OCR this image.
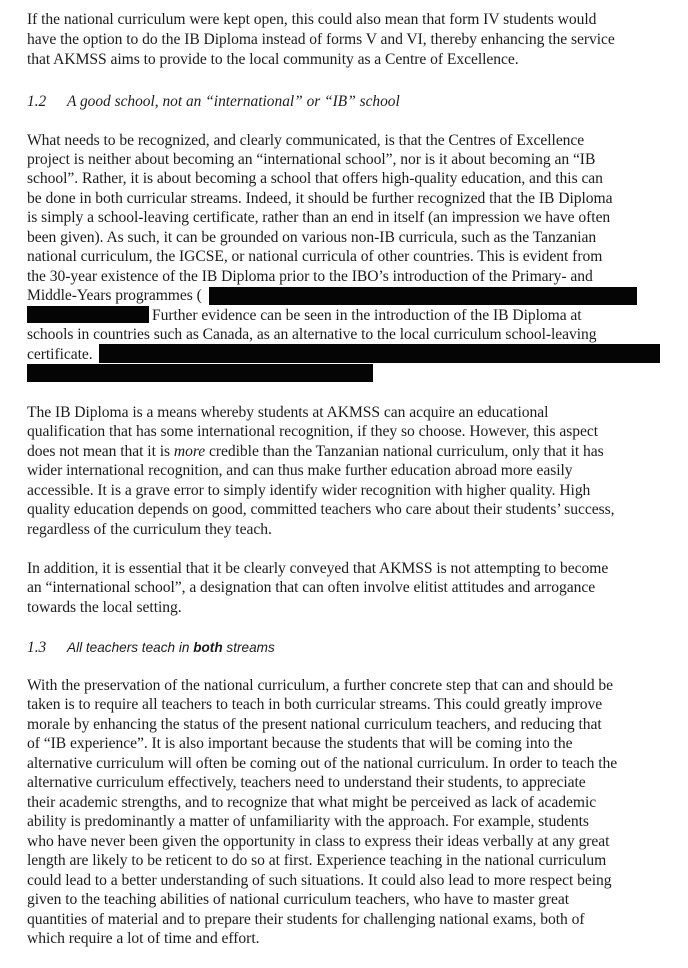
If the national curriculum were kept open, this could also mean that form IV students would
have the option to do the IB Diploma instead of forms V and VI, thereby enhancing the service
that AKMSS aims to provide to the local community as a Centre of Excellence.
1.2 A good school, not an “international” or “IB” school
What needs to be recognized, and clearly communicated, is that the Centres of Excellence
project is neither about becoming an “international school”, nor is it about becoming an “IB
school”. Rather, it is about becoming a school that offers high-quality education, and this can
be done in both curricular streams. Indeed, it should be further recognized that the IB Diploma
is simply a school-leaving certificate, rather than an end in itself (an impression we have often
been given). As such, it can be grounded on various non-IB curricula, such as the Tanzanian
national curriculum, the IGCSE, or national curricula of other countries. This is evident from
the 30-year existence of the IB Diploma prior to the IBO’s introduction of the Primary- and
Middle-Years programmes (
Further evidence can be seen in the introduction of the IB Diploma at
schools in countries such as Canada, as an alternative to the local curriculum school-leaving
certificate.
The IB Diploma is a means whereby students at AKMSS can acquire an educational
qualification that has some international recognition, if they so choose. However, this aspect
does not mean that it is more credible than the Tanzanian national curriculum, only that it has
wider international recognition, and can thus make further education abroad more easily
accessible. It is a grave error to simply identify wider recognition with higher quality. High
quality education depends on good, committed teachers who care about their students’ success,
regardless of the curriculum they teach.
In addition, it is essential that it be clearly conveyed that AKMSS is not attempting to become
an “international school”, a designation that can often involve elitist attitudes and arrogance
towards the local setting.
1.3 All teachers teach in both streams
With the preservation of the national curriculum, a further concrete step that can and should be
taken is to require all teachers to teach in both curricular streams. This could greatly improve
morale by enhancing the status of the present national curriculum teachers, and reducing that
of “IB experience”. It is also important because the students that will be coming into the
alternative curriculum will often be coming out of the national curriculum. In order to teach the
alternative curriculum effectively, teachers need to understand their students, to appreciate
their academic strengths, and to recognize that what might be perceived as lack of academic
ability is predominantly a matter of unfamiliarity with the approach. For example, students
who have never been given the opportunity in class to express their ideas verbally at any great
length are likely to be reticent to do so at first. Experience teaching in the national curriculum
could lead to a better understanding of such situations. It could also lead to more respect being
given to the teaching abilities of national curriculum teachers, who have to master great
quantities of material and to prepare their students for challenging national exams, both of
which require a lot of time and effort.
